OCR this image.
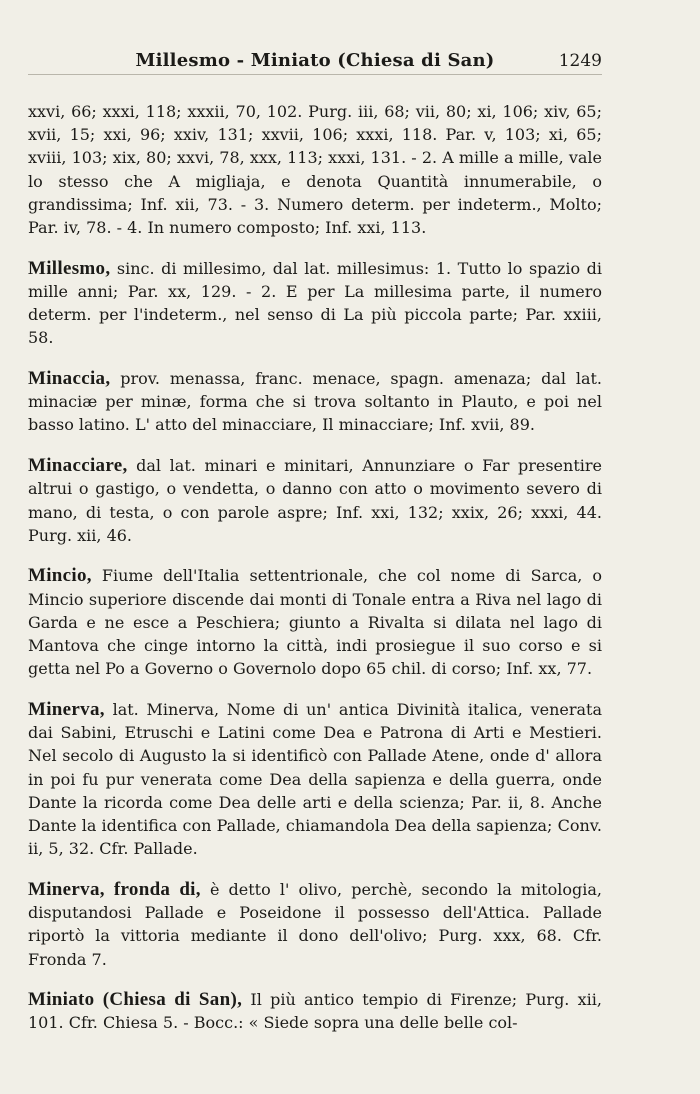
Millesmo - Miniato (Chiesa di San)	1249

xxvi, 66; xxxi, 118; xxxii, 70, 102. Purg. iii, 68; vii, 80; xi, 106; xiv, 65; xvii, 15; xxi, 96; xxiv, 131; xxvii, 106; xxxi, 118. Par. v, 103; xi, 65; xviii, 103; xix, 80; xxvi, 78, xxx, 113; xxxi, 131. - 2. A mille a mille, vale lo stesso che A migliaja, e denota Quantità innumerabile, o grandissima; Inf. xii, 73. - 3. Numero determ. per indeterm., Molto; Par. iv, 78. - 4. In numero composto; Inf. xxi, 113.

Millesmo, sinc. di millesimo, dal lat. millesimus: 1. Tutto lo spazio di mille anni; Par. xx, 129. - 2. E per La millesima parte, il numero determ. per l'indeterm., nel senso di La più piccola parte; Par. xxiii, 58.

Minaccia, prov. menassa, franc. menace, spagn. amenaza; dal lat. minaciæ per minæ, forma che si trova soltanto in Plauto, e poi nel basso latino. L' atto del minacciare, Il minacciare; Inf. xvii, 89.

Minacciare, dal lat. minari e minitari, Annunziare o Far presentire altrui o gastigo, o vendetta, o danno con atto o movimento severo di mano, di testa, o con parole aspre; Inf. xxi, 132; xxix, 26; xxxi, 44. Purg. xii, 46.

Mincio, Fiume dell'Italia settentrionale, che col nome di Sarca, o Mincio superiore discende dai monti di Tonale entra a Riva nel lago di Garda e ne esce a Peschiera; giunto a Rivalta si dilata nel lago di Mantova che cinge intorno la città, indi prosiegue il suo corso e si getta nel Po a Governo o Governolo dopo 65 chil. di corso; Inf. xx, 77.

Minerva, lat. Minerva, Nome di un' antica Divinità italica, venerata dai Sabini, Etruschi e Latini come Dea e Patrona di Arti e Mestieri. Nel secolo di Augusto la si identificò con Pallade Atene, onde d' allora in poi fu pur venerata come Dea della sapienza e della guerra, onde Dante la ricorda come Dea delle arti e della scienza; Par. ii, 8. Anche Dante la identifica con Pallade, chiamandola Dea della sapienza; Conv. ii, 5, 32. Cfr. Pallade.

Minerva, fronda di, è detto l' olivo, perchè, secondo la mitologia, disputandosi Pallade e Poseidone il possesso dell'Attica. Pallade riportò la vittoria mediante il dono dell'olivo; Purg. xxx, 68. Cfr. Fronda 7.

Miniato (Chiesa di San), Il più antico tempio di Firenze; Purg. xii, 101. Cfr. Chiesa 5. - Bocc.: « Siede sopra una delle belle col-
